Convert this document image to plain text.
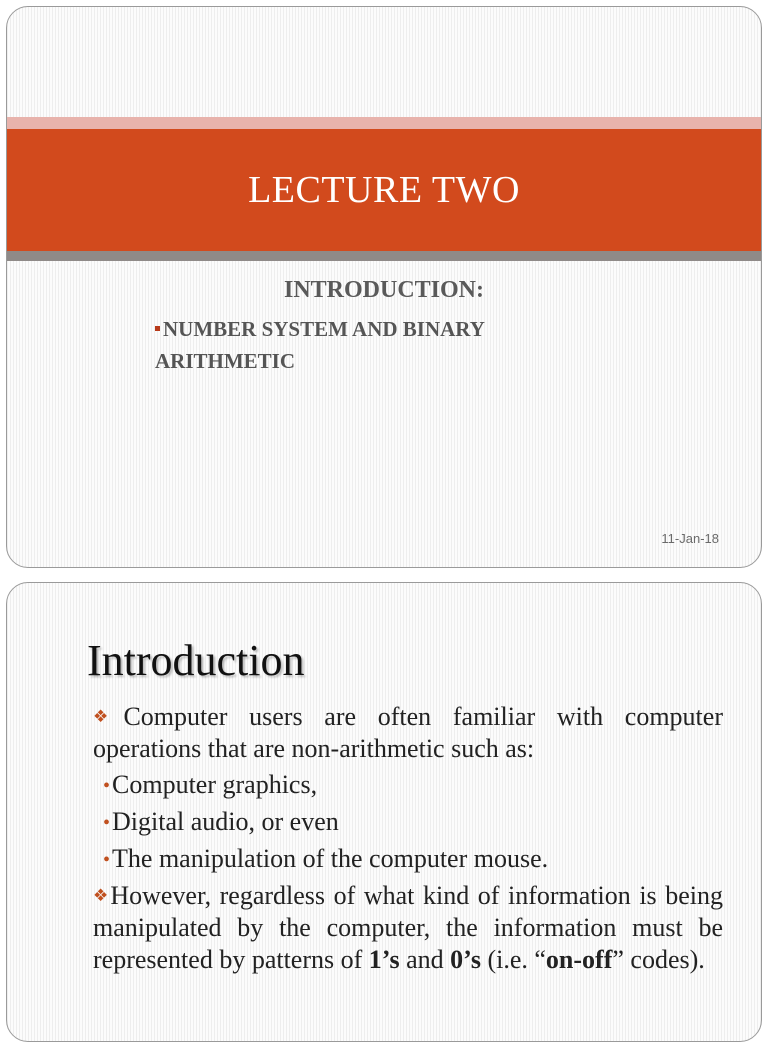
LECTURE TWO
INTRODUCTION:
NUMBER SYSTEM AND BINARY ARITHMETIC
11-Jan-18
Introduction

❖Computer users are often familiar with computer operations that are non-arithmetic such as:

•Computer graphics,
•Digital audio, or even
•The manipulation of the computer mouse.

❖However, regardless of what kind of information is being manipulated by the computer, the information must be represented by patterns of 1’s and 0’s (i.e. “on-off” codes).
